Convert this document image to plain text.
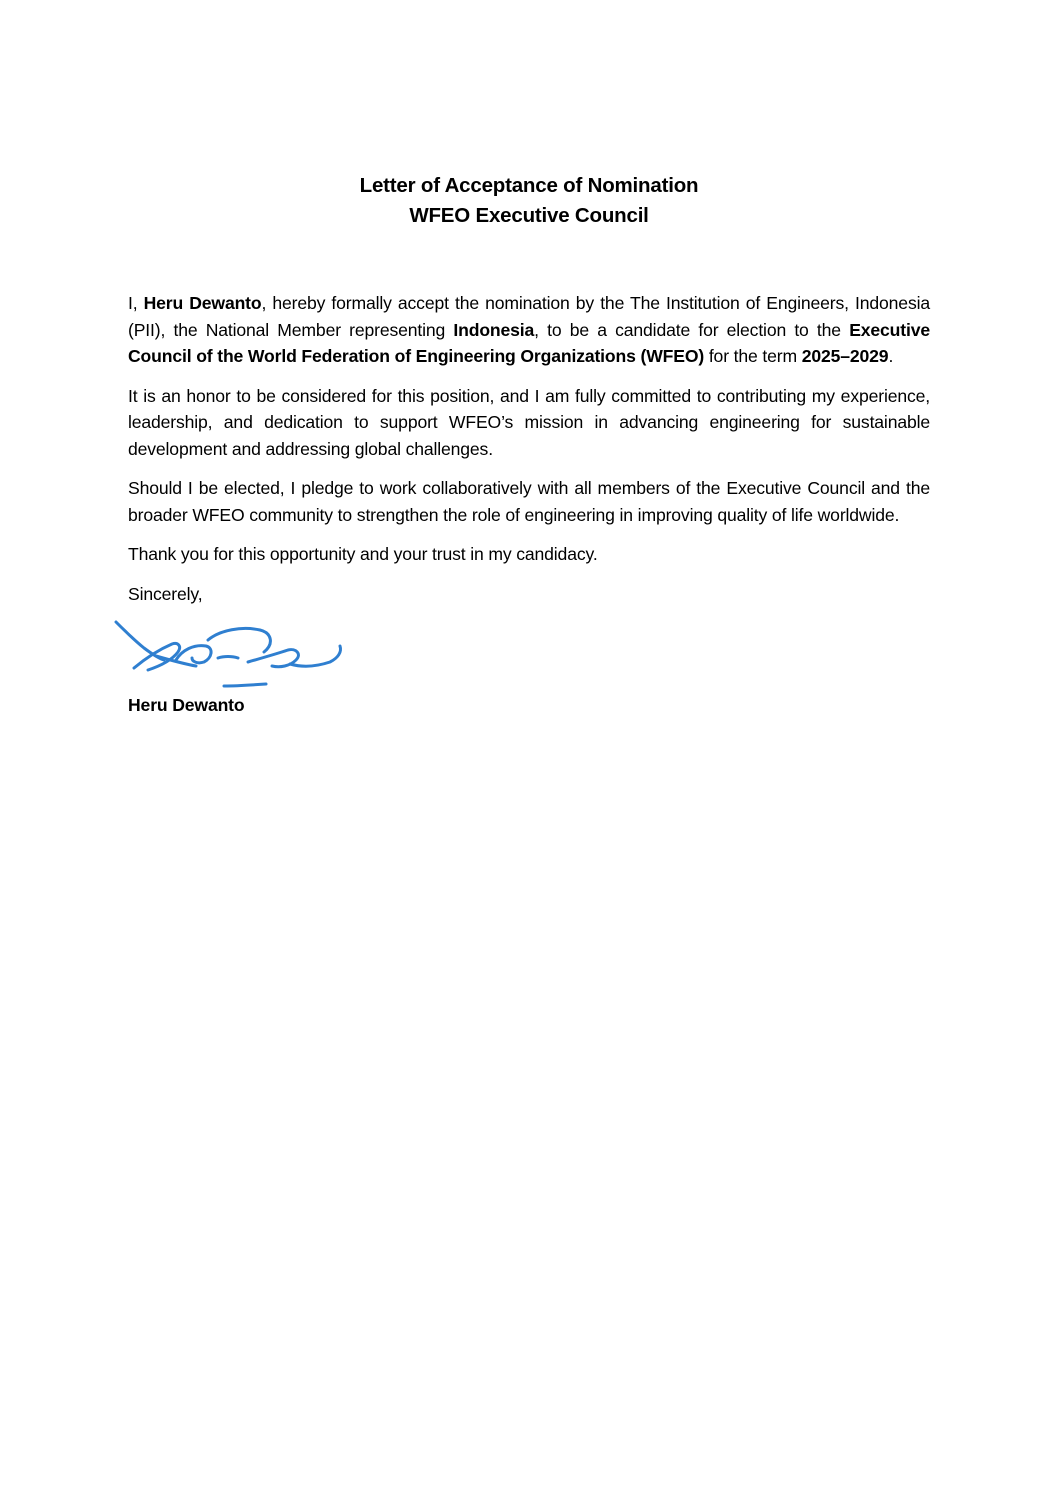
Letter of Acceptance of Nomination
WFEO Executive Council

I, Heru Dewanto, hereby formally accept the nomination by the The Institution of Engineers, Indonesia (PII), the National Member representing Indonesia, to be a candidate for election to the Executive Council of the World Federation of Engineering Organizations (WFEO) for the term 2025–2029.

It is an honor to be considered for this position, and I am fully committed to contributing my experience, leadership, and dedication to support WFEO’s mission in advancing engineering for sustainable development and addressing global challenges.

Should I be elected, I pledge to work collaboratively with all members of the Executive Council and the broader WFEO community to strengthen the role of engineering in improving quality of life worldwide.

Thank you for this opportunity and your trust in my candidacy.

Sincerely,

Heru Dewanto
